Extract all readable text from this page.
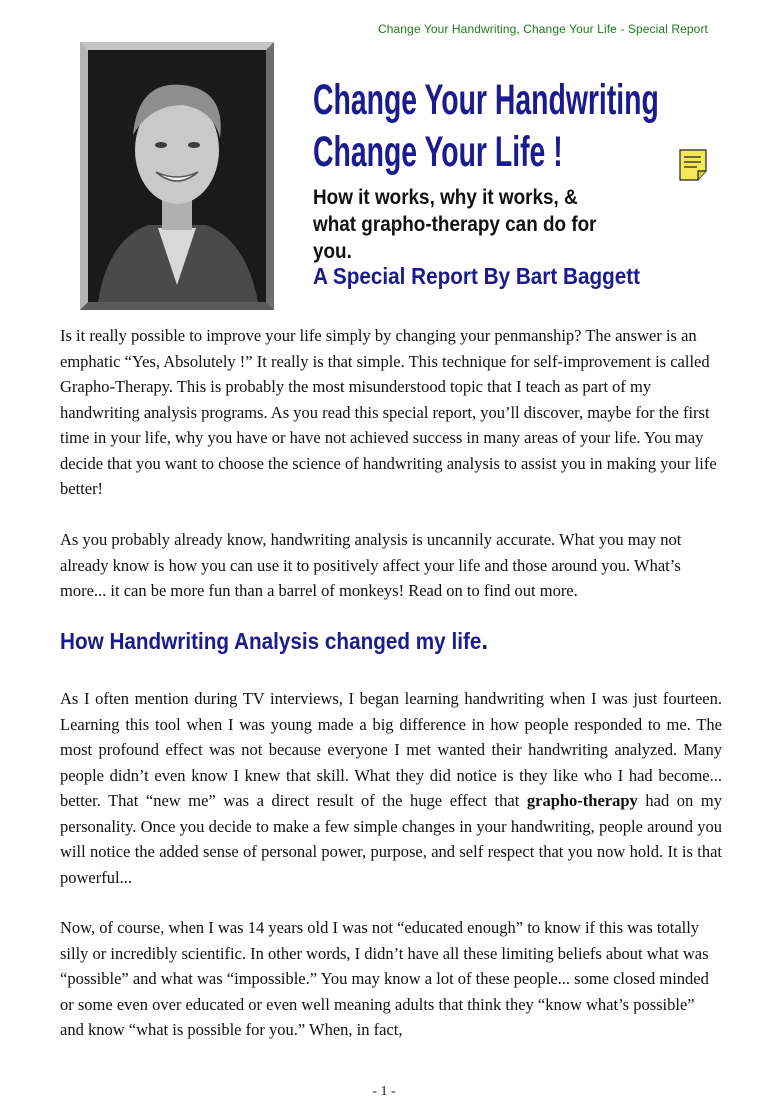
Change Your Handwriting, Change Your Life - Special Report
Change Your Handwriting
Change Your Life !

How it works, why it works, & what grapho-therapy can do for you.

A Special Report By Bart Baggett

Is it really possible to improve your life simply by changing your penmanship? The answer is an emphatic “Yes, Absolutely !” It really is that simple. This technique for self-improvement is called Grapho-Therapy. This is probably the most misunderstood topic that I teach as part of my handwriting analysis programs. As you read this special report, you’ll discover, maybe for the first time in your life, why you have or have not achieved success in many areas of your life. You may decide that you want to choose the science of handwriting analysis to assist you in making your life better!

As you probably already know, handwriting analysis is uncannily accurate. What you may not already know is how you can use it to positively affect your life and those around you. What’s more... it can be more fun than a barrel of monkeys! Read on to find out more.

How Handwriting Analysis changed my life.

As I often mention during TV interviews, I began learning handwriting when I was just fourteen. Learning this tool when I was young made a big difference in how people responded to me. The most profound effect was not because everyone I met wanted their handwriting analyzed. Many people didn’t even know I knew that skill. What they did notice is they like who I had become... better. That “new me” was a direct result of the huge effect that grapho-therapy had on my personality. Once you decide to make a few simple changes in your handwriting, people around you will notice the added sense of personal power, purpose, and self respect that you now hold. It is that powerful...

Now, of course, when I was 14 years old I was not “educated enough” to know if this was totally silly or incredibly scientific. In other words, I didn’t have all these limiting beliefs about what was “possible” and what was “impossible.” You may know a lot of these people... some closed minded or some even over educated or even well meaning adults that think they “know what’s possible” and know “what is possible for you.” When, in fact,

- 1 -
